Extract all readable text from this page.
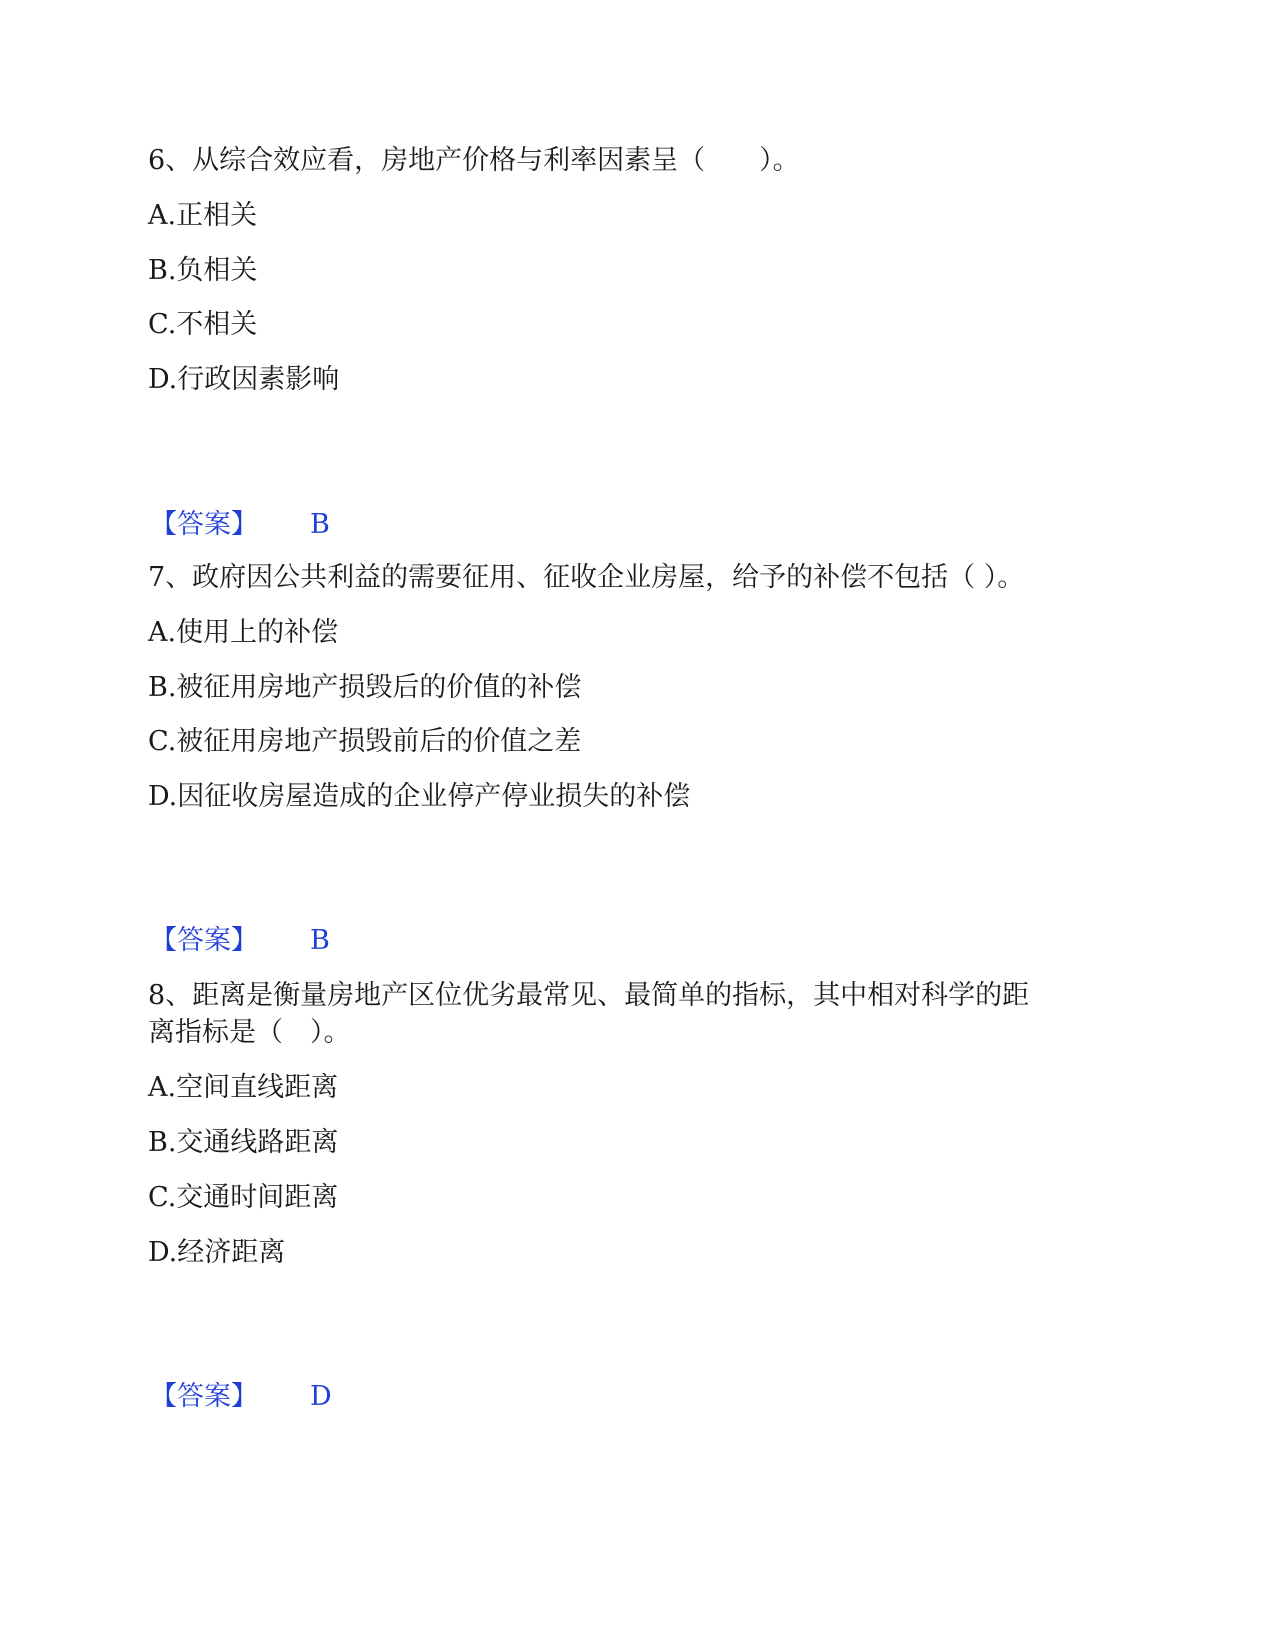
6、从综合效应看，房地产价格与利率因素呈（　　）。
A.正相关
B.负相关
C.不相关
D.行政因素影响
【答案】 B
7、政府因公共利益的需要征用、征收企业房屋，给予的补偿不包括（ ）。
A.使用上的补偿
B.被征用房地产损毁后的价值的补偿
C.被征用房地产损毁前后的价值之差
D.因征收房屋造成的企业停产停业损失的补偿
【答案】 B
8、距离是衡量房地产区位优劣最常见、最简单的指标，其中相对科学的距
离指标是（　）。
A.空间直线距离
B.交通线路距离
C.交通时间距离
D.经济距离
【答案】 D
